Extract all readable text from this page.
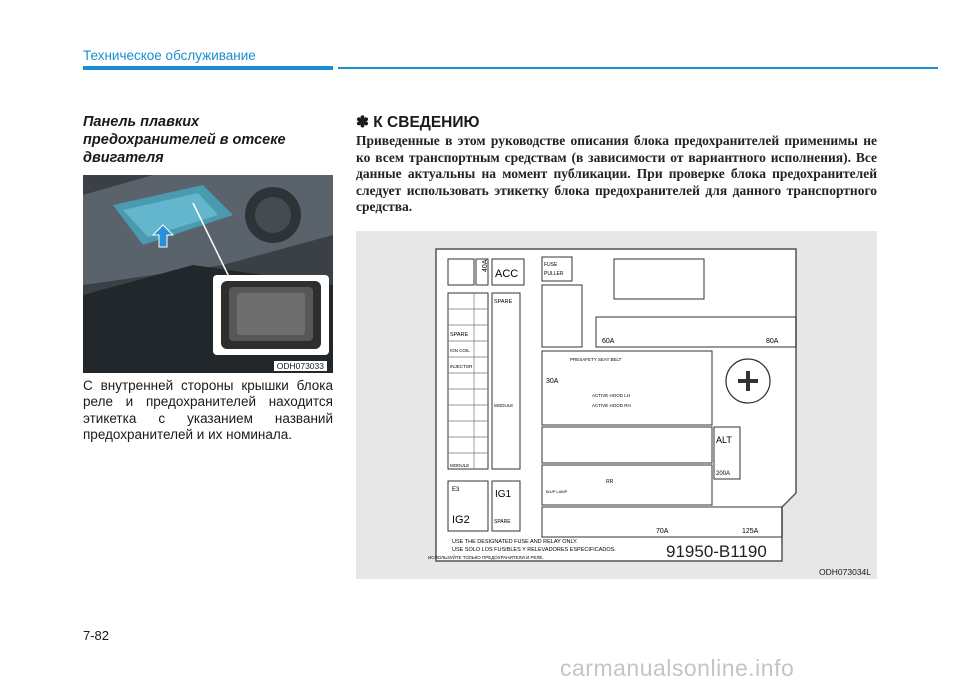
Техническое обслуживание
Панель плавких предохранителей в отсеке двигателя
ODH073033
С внутренней стороны крышки блока реле и предохранителей находится этикетка с указанием названий предохранителей и их номинала.
✽ К СВЕДЕНИЮ
Приведенные в этом руководстве описания блока предохранителей применимы не ко всем транспортным средствам (в зависимости от вариантного исполнения). Все данные актуальны на момент публикации. При проверке блока предохранителей следует использовать этикетку блока предохранителей для данного транспортного средства.
40A
SPARE
IGN COIL
INJECTOR
MODULE
E3
IG2
ACC
SPARE
MODULE
IG1
SPARE
FUSE
PULLER
60A	80A
PRESAFETY SEAT BELT
30A
ACTIVE HOOD LH
ACTIVE HOOD RH
ALT
200A
RR
B/UP LAMP
70A	125A
USE THE DESIGNATED FUSE AND RELAY ONLY.
USE SOLO LOS FUSIBLES Y RELEVADORES ESPECIFICADOS.
ИСПОЛЬЗУЙТЕ ТОЛЬКО ПРЕДОХРАНИТЕЛИ И РЕЛЕ.	91950-B1190
ODH073034L
7-82
carmanualsonline.info
